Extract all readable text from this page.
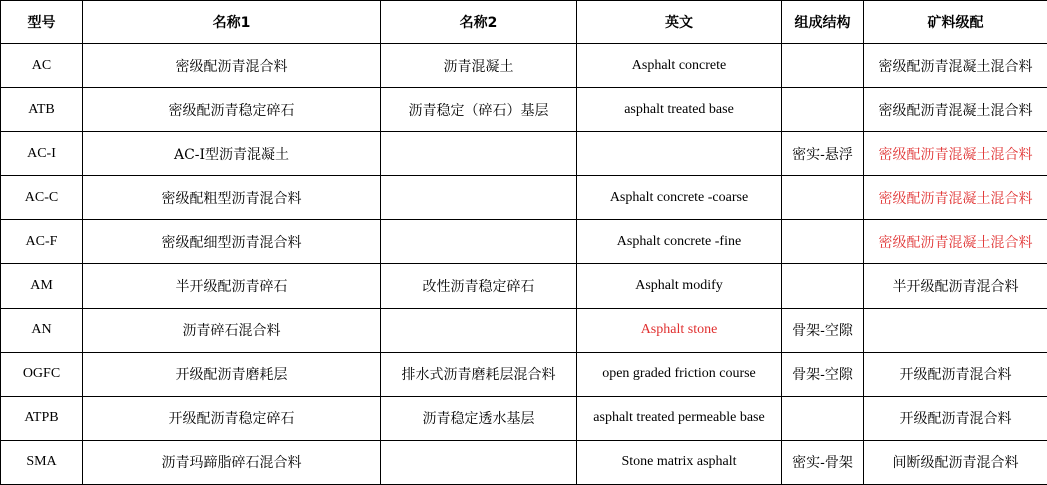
型号	名称1	名称2	英文	组成结构	矿料级配
AC	密级配沥青混合料	沥青混凝土	Asphalt concrete		密级配沥青混凝土混合料
ATB	密级配沥青稳定碎石	沥青稳定（碎石）基层	asphalt treated base		密级配沥青混凝土混合料
AC-I	AC-I型沥青混凝土			密实-悬浮	密级配沥青混凝土混合料
AC-C	密级配粗型沥青混合料		Asphalt concrete -coarse		密级配沥青混凝土混合料
AC-F	密级配细型沥青混合料		Asphalt concrete -fine		密级配沥青混凝土混合料
AM	半开级配沥青碎石	改性沥青稳定碎石	Asphalt modify		半开级配沥青混合料
AN	沥青碎石混合料		Asphalt stone	骨架-空隙	
OGFC	开级配沥青磨耗层	排水式沥青磨耗层混合料	open graded friction course	骨架-空隙	开级配沥青混合料
ATPB	开级配沥青稳定碎石	沥青稳定透水基层	asphalt treated permeable base		开级配沥青混合料
SMA	沥青玛蹄脂碎石混合料		Stone matrix asphalt	密实-骨架	间断级配沥青混合料
